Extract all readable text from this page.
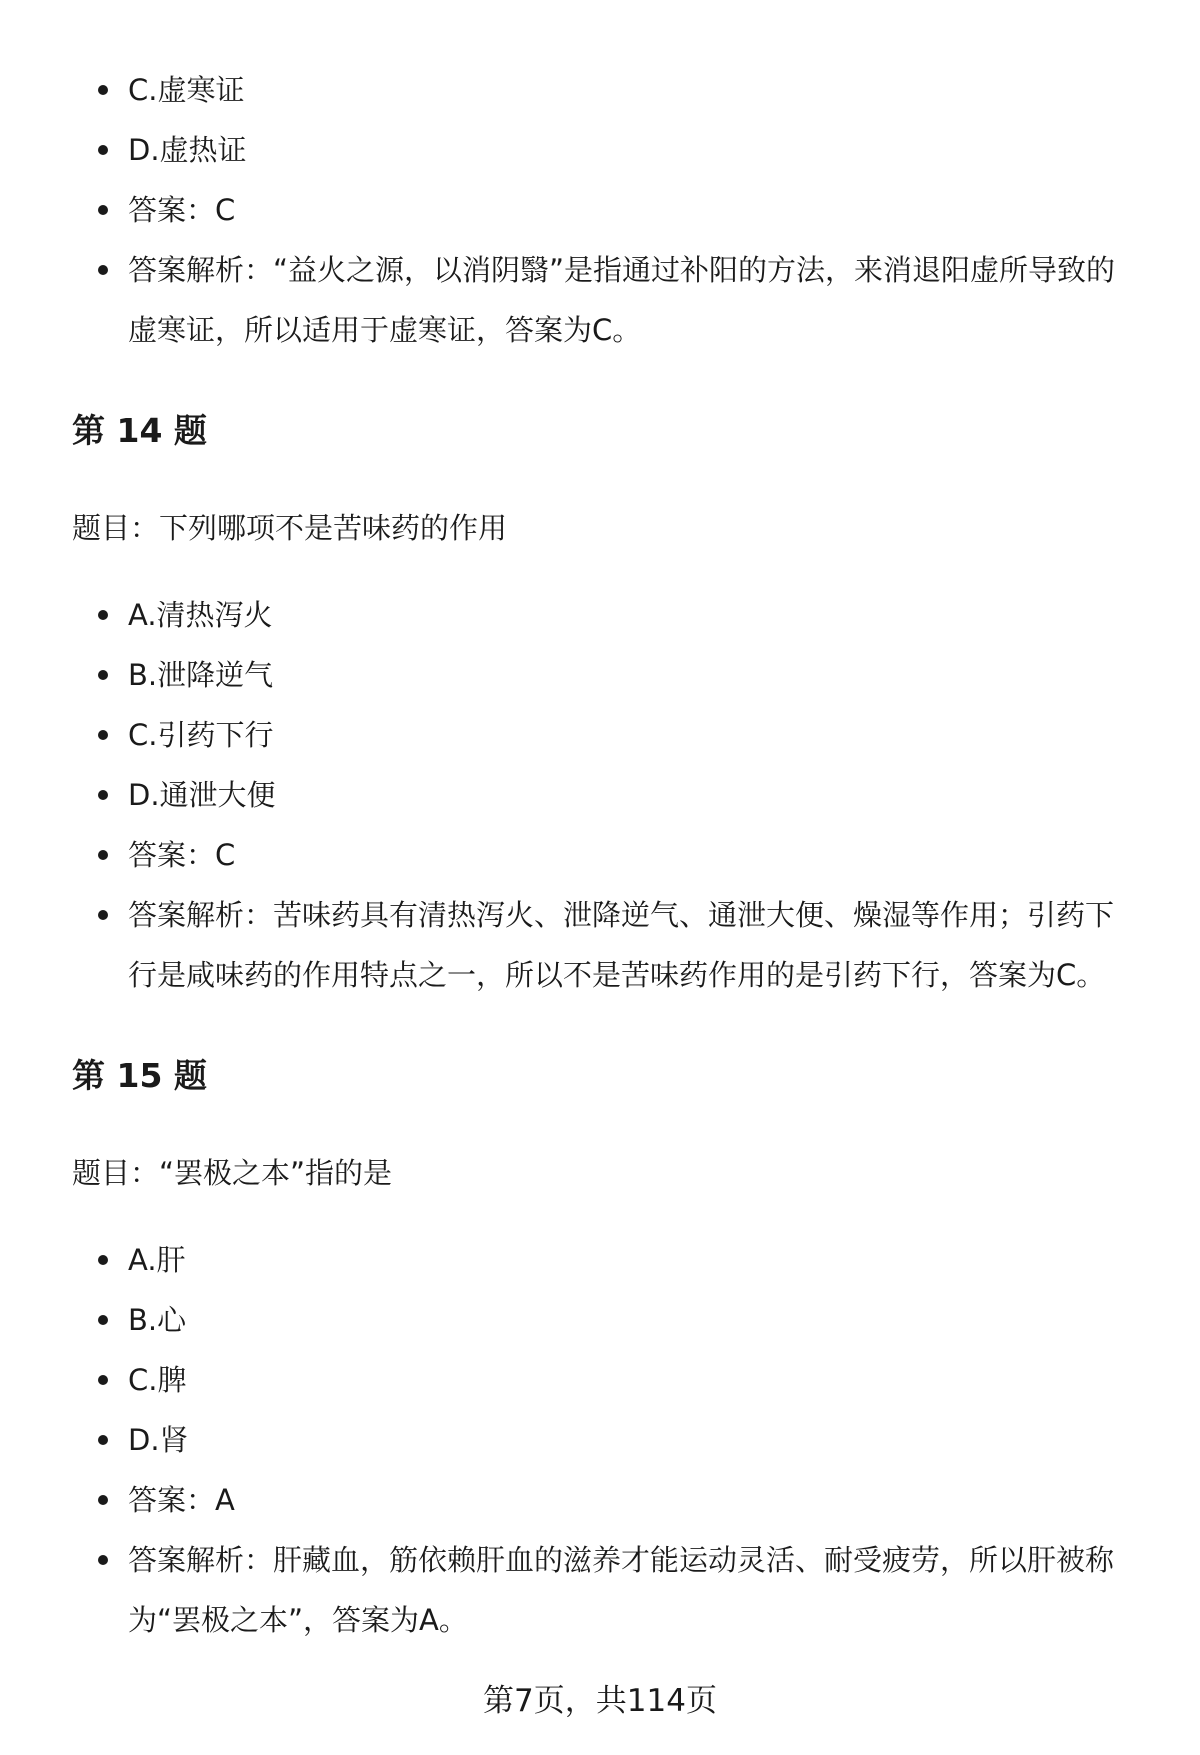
C.虚寒证
D.虚热证
答案：C
答案解析：“益火之源，以消阴翳”是指通过补阳的方法，来消退阳虚所导致的虚寒证，所以适用于虚寒证，答案为C。
第 14 题

题目：下列哪项不是苦味药的作用

A.清热泻火
B.泄降逆气
C.引药下行
D.通泄大便
答案：C
答案解析：苦味药具有清热泻火、泄降逆气、通泄大便、燥湿等作用；引药下行是咸味药的作用特点之一，所以不是苦味药作用的是引药下行，答案为C。
第 15 题

题目：“罢极之本”指的是

A.肝
B.心
C.脾
D.肾
答案：A
答案解析：肝藏血，筋依赖肝血的滋养才能运动灵活、耐受疲劳，所以肝被称为“罢极之本”，答案为A。
第7页，共114页
